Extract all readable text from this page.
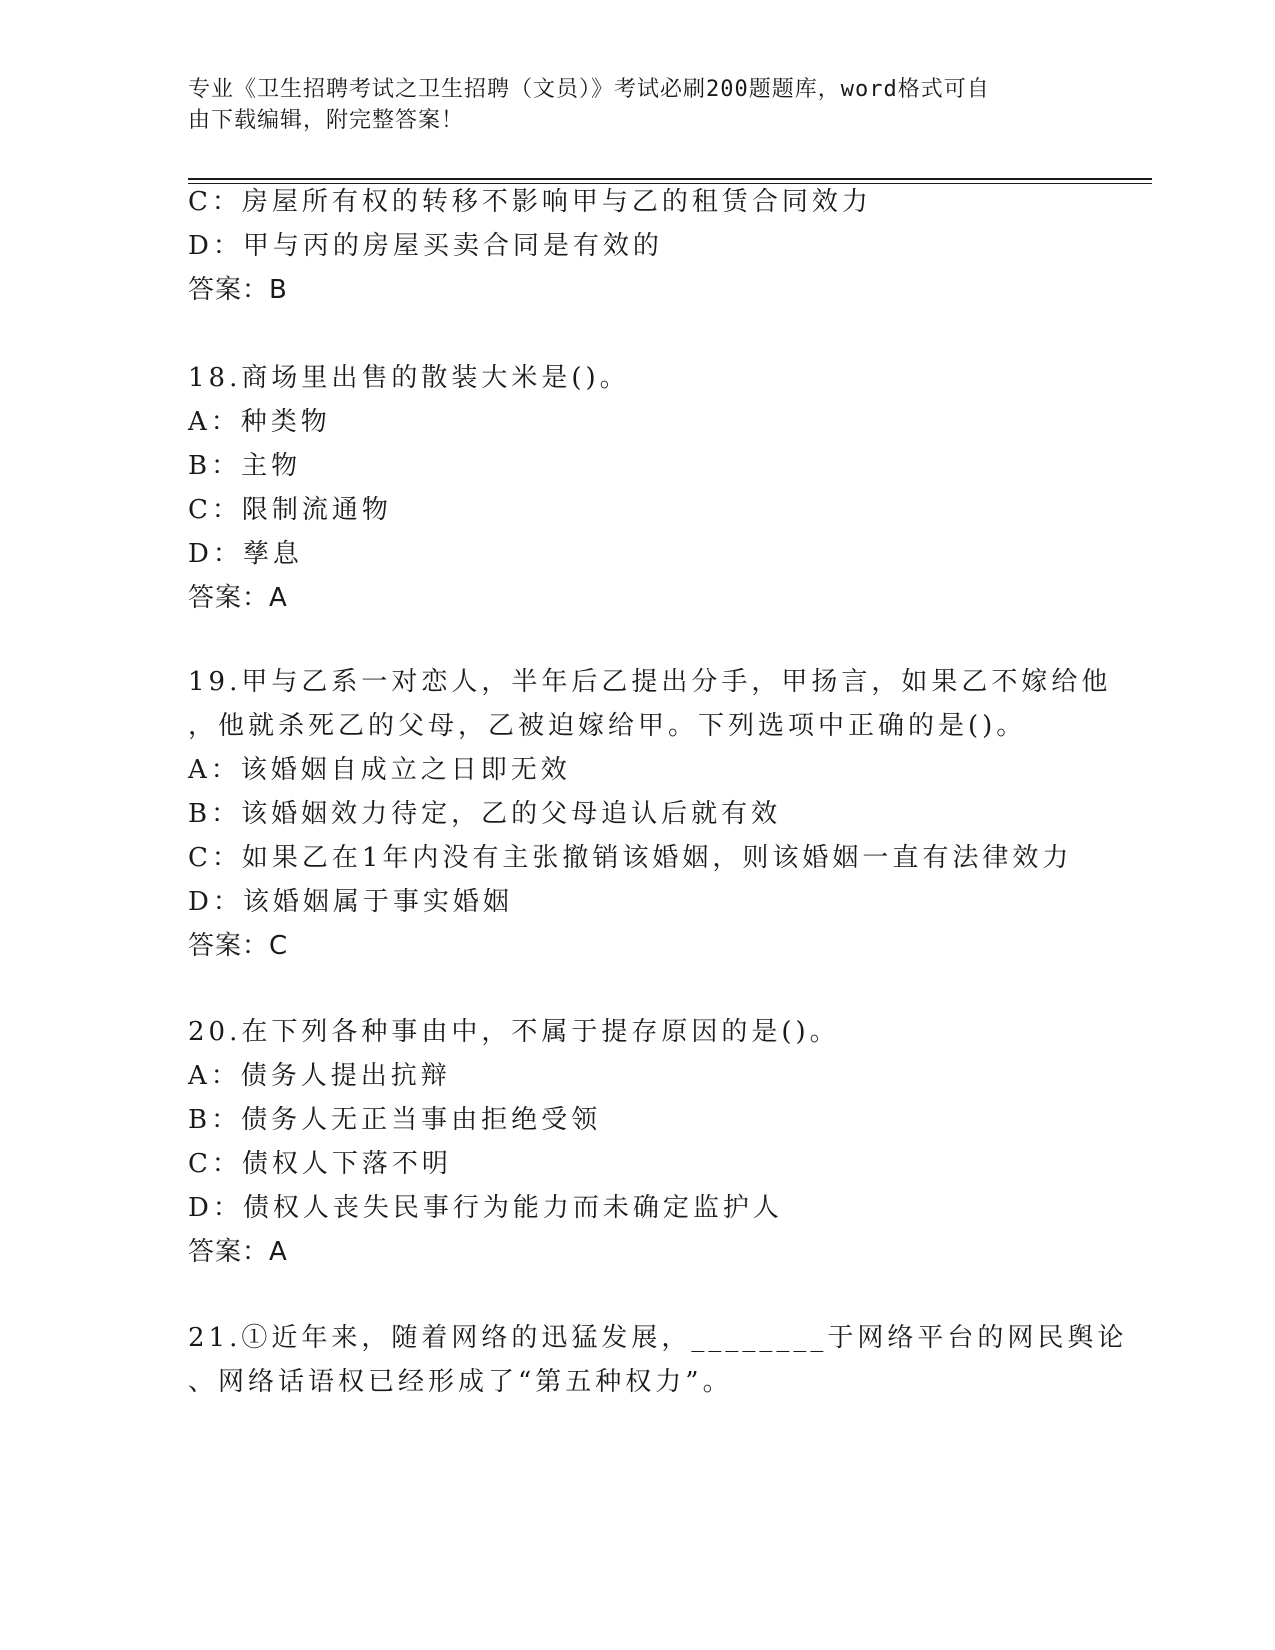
专业《卫生招聘考试之卫生招聘（文员）》考试必刷200题题库，word格式可自
由下载编辑，附完整答案！
C：房屋所有权的转移不影响甲与乙的租赁合同效力
D：甲与丙的房屋买卖合同是有效的
答案：B
18.商场里出售的散装大米是()。
A：种类物
B：主物
C：限制流通物
D：孳息
答案：A
19.甲与乙系一对恋人，半年后乙提出分手，甲扬言，如果乙不嫁给他
，他就杀死乙的父母，乙被迫嫁给甲。下列选项中正确的是()。
A：该婚姻自成立之日即无效
B：该婚姻效力待定，乙的父母追认后就有效
C：如果乙在1年内没有主张撤销该婚姻，则该婚姻一直有法律效力
D：该婚姻属于事实婚姻
答案：C
20.在下列各种事由中，不属于提存原因的是()。
A：债务人提出抗辩
B：债务人无正当事由拒绝受领
C：债权人下落不明
D：债权人丧失民事行为能力而未确定监护人
答案：A
21.①近年来，随着网络的迅猛发展，________于网络平台的网民舆论
、网络话语权已经形成了“第五种权力”。
